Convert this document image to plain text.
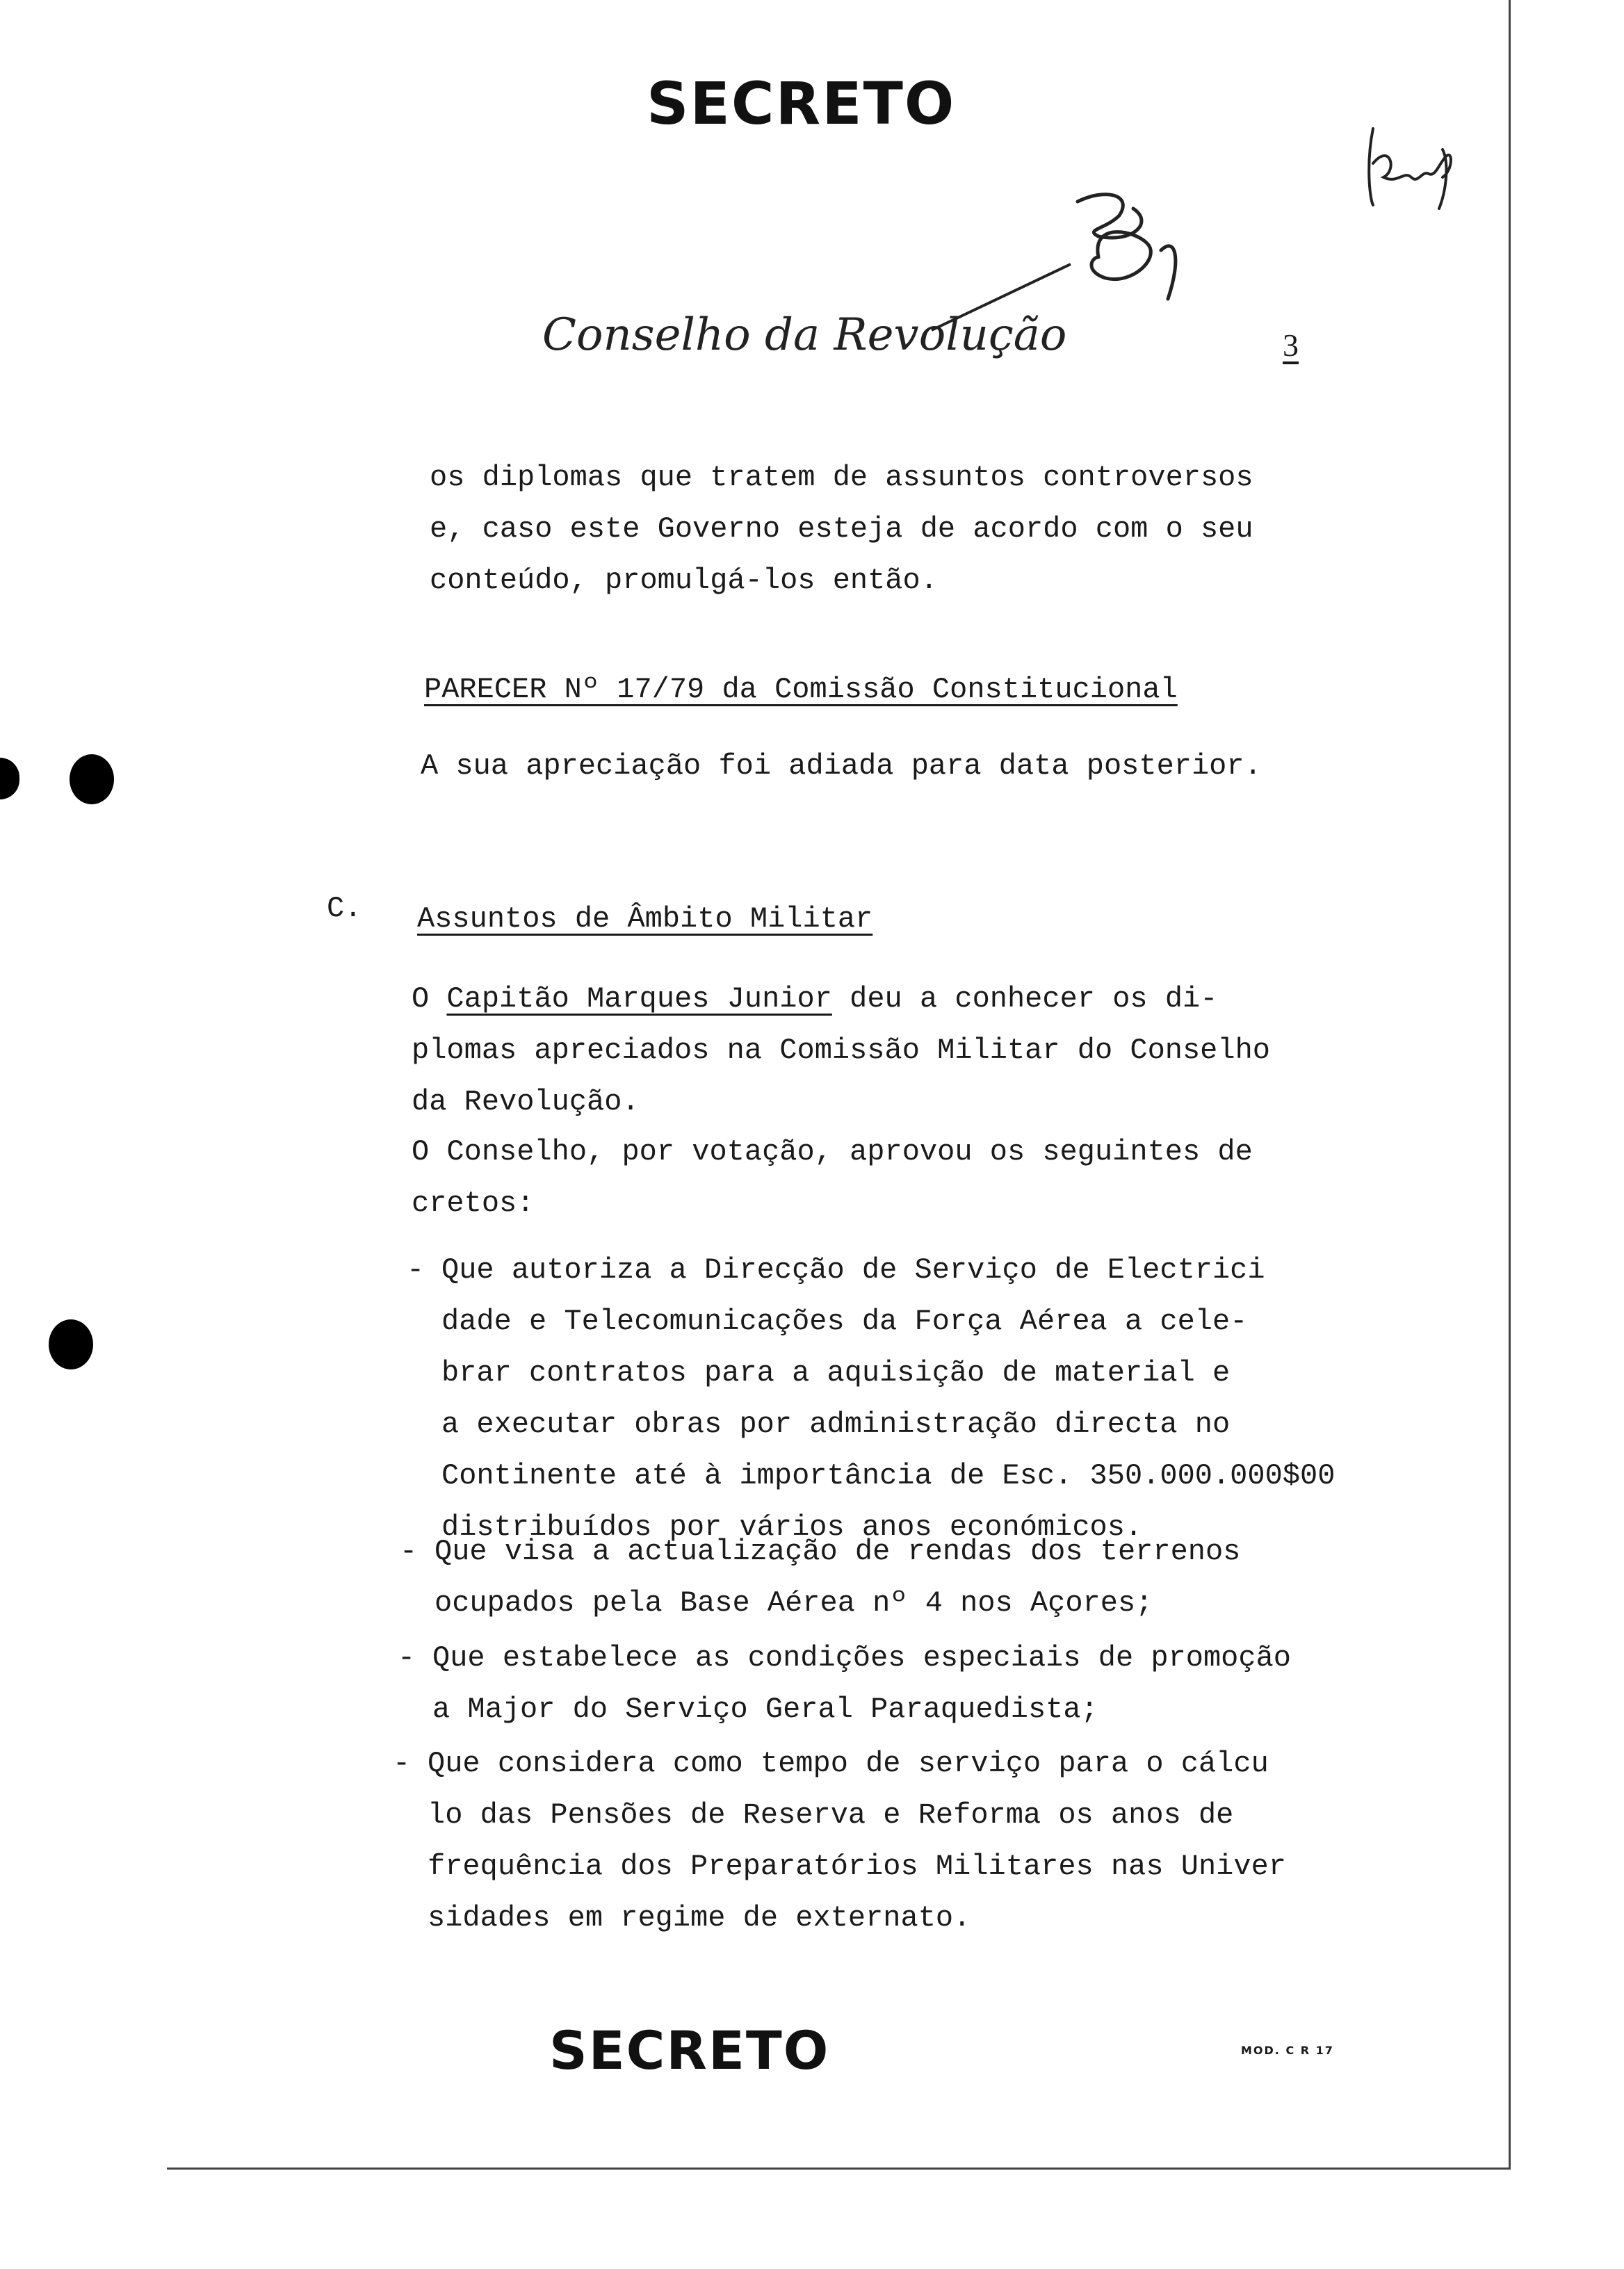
SECRETO
Conselho da Revolução	3
os diplomas que tratem de assuntos controversos
e, caso este Governo esteja de acordo com o seu
conteúdo, promulgá-los então.
PARECER Nº 17/79 da Comissão Constitucional
A sua apreciação foi adiada para data posterior.
C. Assuntos de Âmbito Militar
O Capitão Marques Junior deu a conhecer os di-
plomas apreciados na Comissão Militar do Conselho
da Revolução.
O Conselho, por votação, aprovou os seguintes de
cretos:
- Que autoriza a Direcção de Serviço de Electrici
dade e Telecomunicações da Força Aérea a cele-
brar contratos para a aquisição de material e
a executar obras por administração directa no
Continente até à importância de Esc. 350.000.000$00
distribuídos por vários anos económicos.
- Que visa a actualização de rendas dos terrenos
ocupados pela Base Aérea nº 4 nos Açores;
- Que estabelece as condições especiais de promoção
a Major do Serviço Geral Paraquedista;
- Que considera como tempo de serviço para o cálcu
lo das Pensões de Reserva e Reforma os anos de
frequência dos Preparatórios Militares nas Univer
sidades em regime de externato.
SECRETO	MOD. C R 17
